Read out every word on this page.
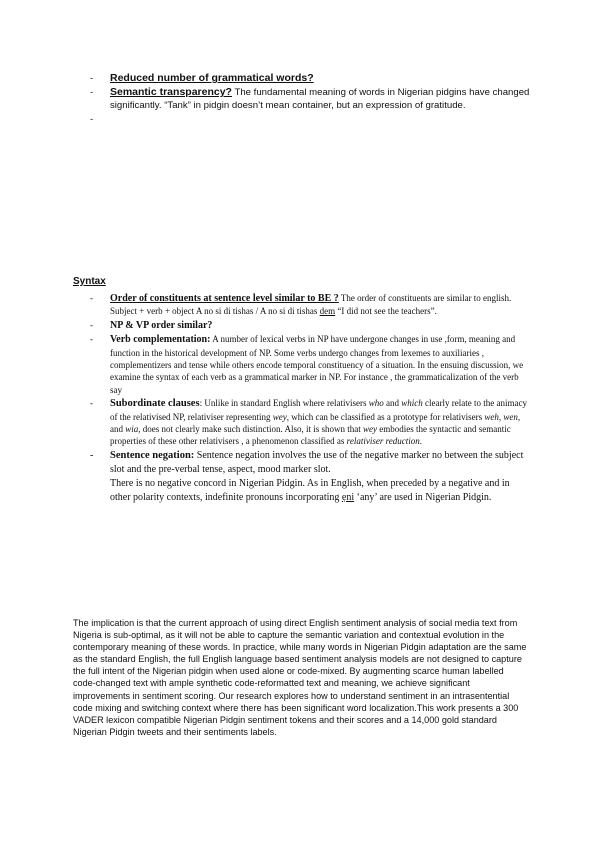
- Reduced number of grammatical words?
- Semantic transparency? The fundamental meaning of words in Nigerian pidgins have changed significantly. “Tank” in pidgin doesn’t mean container, but an expression of gratitude.
-

Syntax
- Order of constituents at sentence level similar to BE ? The order of constituents are similar to english. Subject + verb + object A no si di tishas / A no si di tishas dem “I did not see the teachers”.
- NP & VP order similar?
- Verb complementation: A number of lexical verbs in NP have undergone changes in use ,form, meaning and function in the historical development of NP. Some verbs undergo changes from lexemes to auxiliaries , complementizers and tense while others encode temporal constituency of a situation. In the ensuing discussion, we examine the syntax of each verb as a grammatical marker in NP. For instance , the grammaticalization of the verb say
- Subordinate clauses: Unlike in standard English where relativisers who and which clearly relate to the animacy of the relativised NP, relativiser representing wey, which can be classified as a prototype for relativisers weh, wen, and wia, does not clearly make such distinction. Also, it is shown that wey embodies the syntactic and semantic properties of these other relativisers , a phenomenon classified as relativiser reduction.
- Sentence negation: Sentence negation involves the use of the negative marker no between the subject slot and the pre-verbal tense, aspect, mood marker slot.
There is no negative concord in Nigerian Pidgin. As in English, when preceded by a negative and in other polarity contexts, indefinite pronouns incorporating ẹni ‘any’ are used in Nigerian Pidgin.

The implication is that the current approach of using direct English sentiment analysis of social media text from Nigeria is sub-optimal, as it will not be able to capture the semantic variation and contextual evolution in the contemporary meaning of these words. In practice, while many words in Nigerian Pidgin adaptation are the same as the standard English, the full English language based sentiment analysis models are not designed to capture the full intent of the Nigerian pidgin when used alone or code-mixed. By augmenting scarce human labelled code-changed text with ample synthetic code-reformatted text and meaning, we achieve significant improvements in sentiment scoring. Our research explores how to understand sentiment in an intrasentential code mixing and switching context where there has been significant word localization.This work presents a 300 VADER lexicon compatible Nigerian Pidgin sentiment tokens and their scores and a 14,000 gold standard Nigerian Pidgin tweets and their sentiments labels.
